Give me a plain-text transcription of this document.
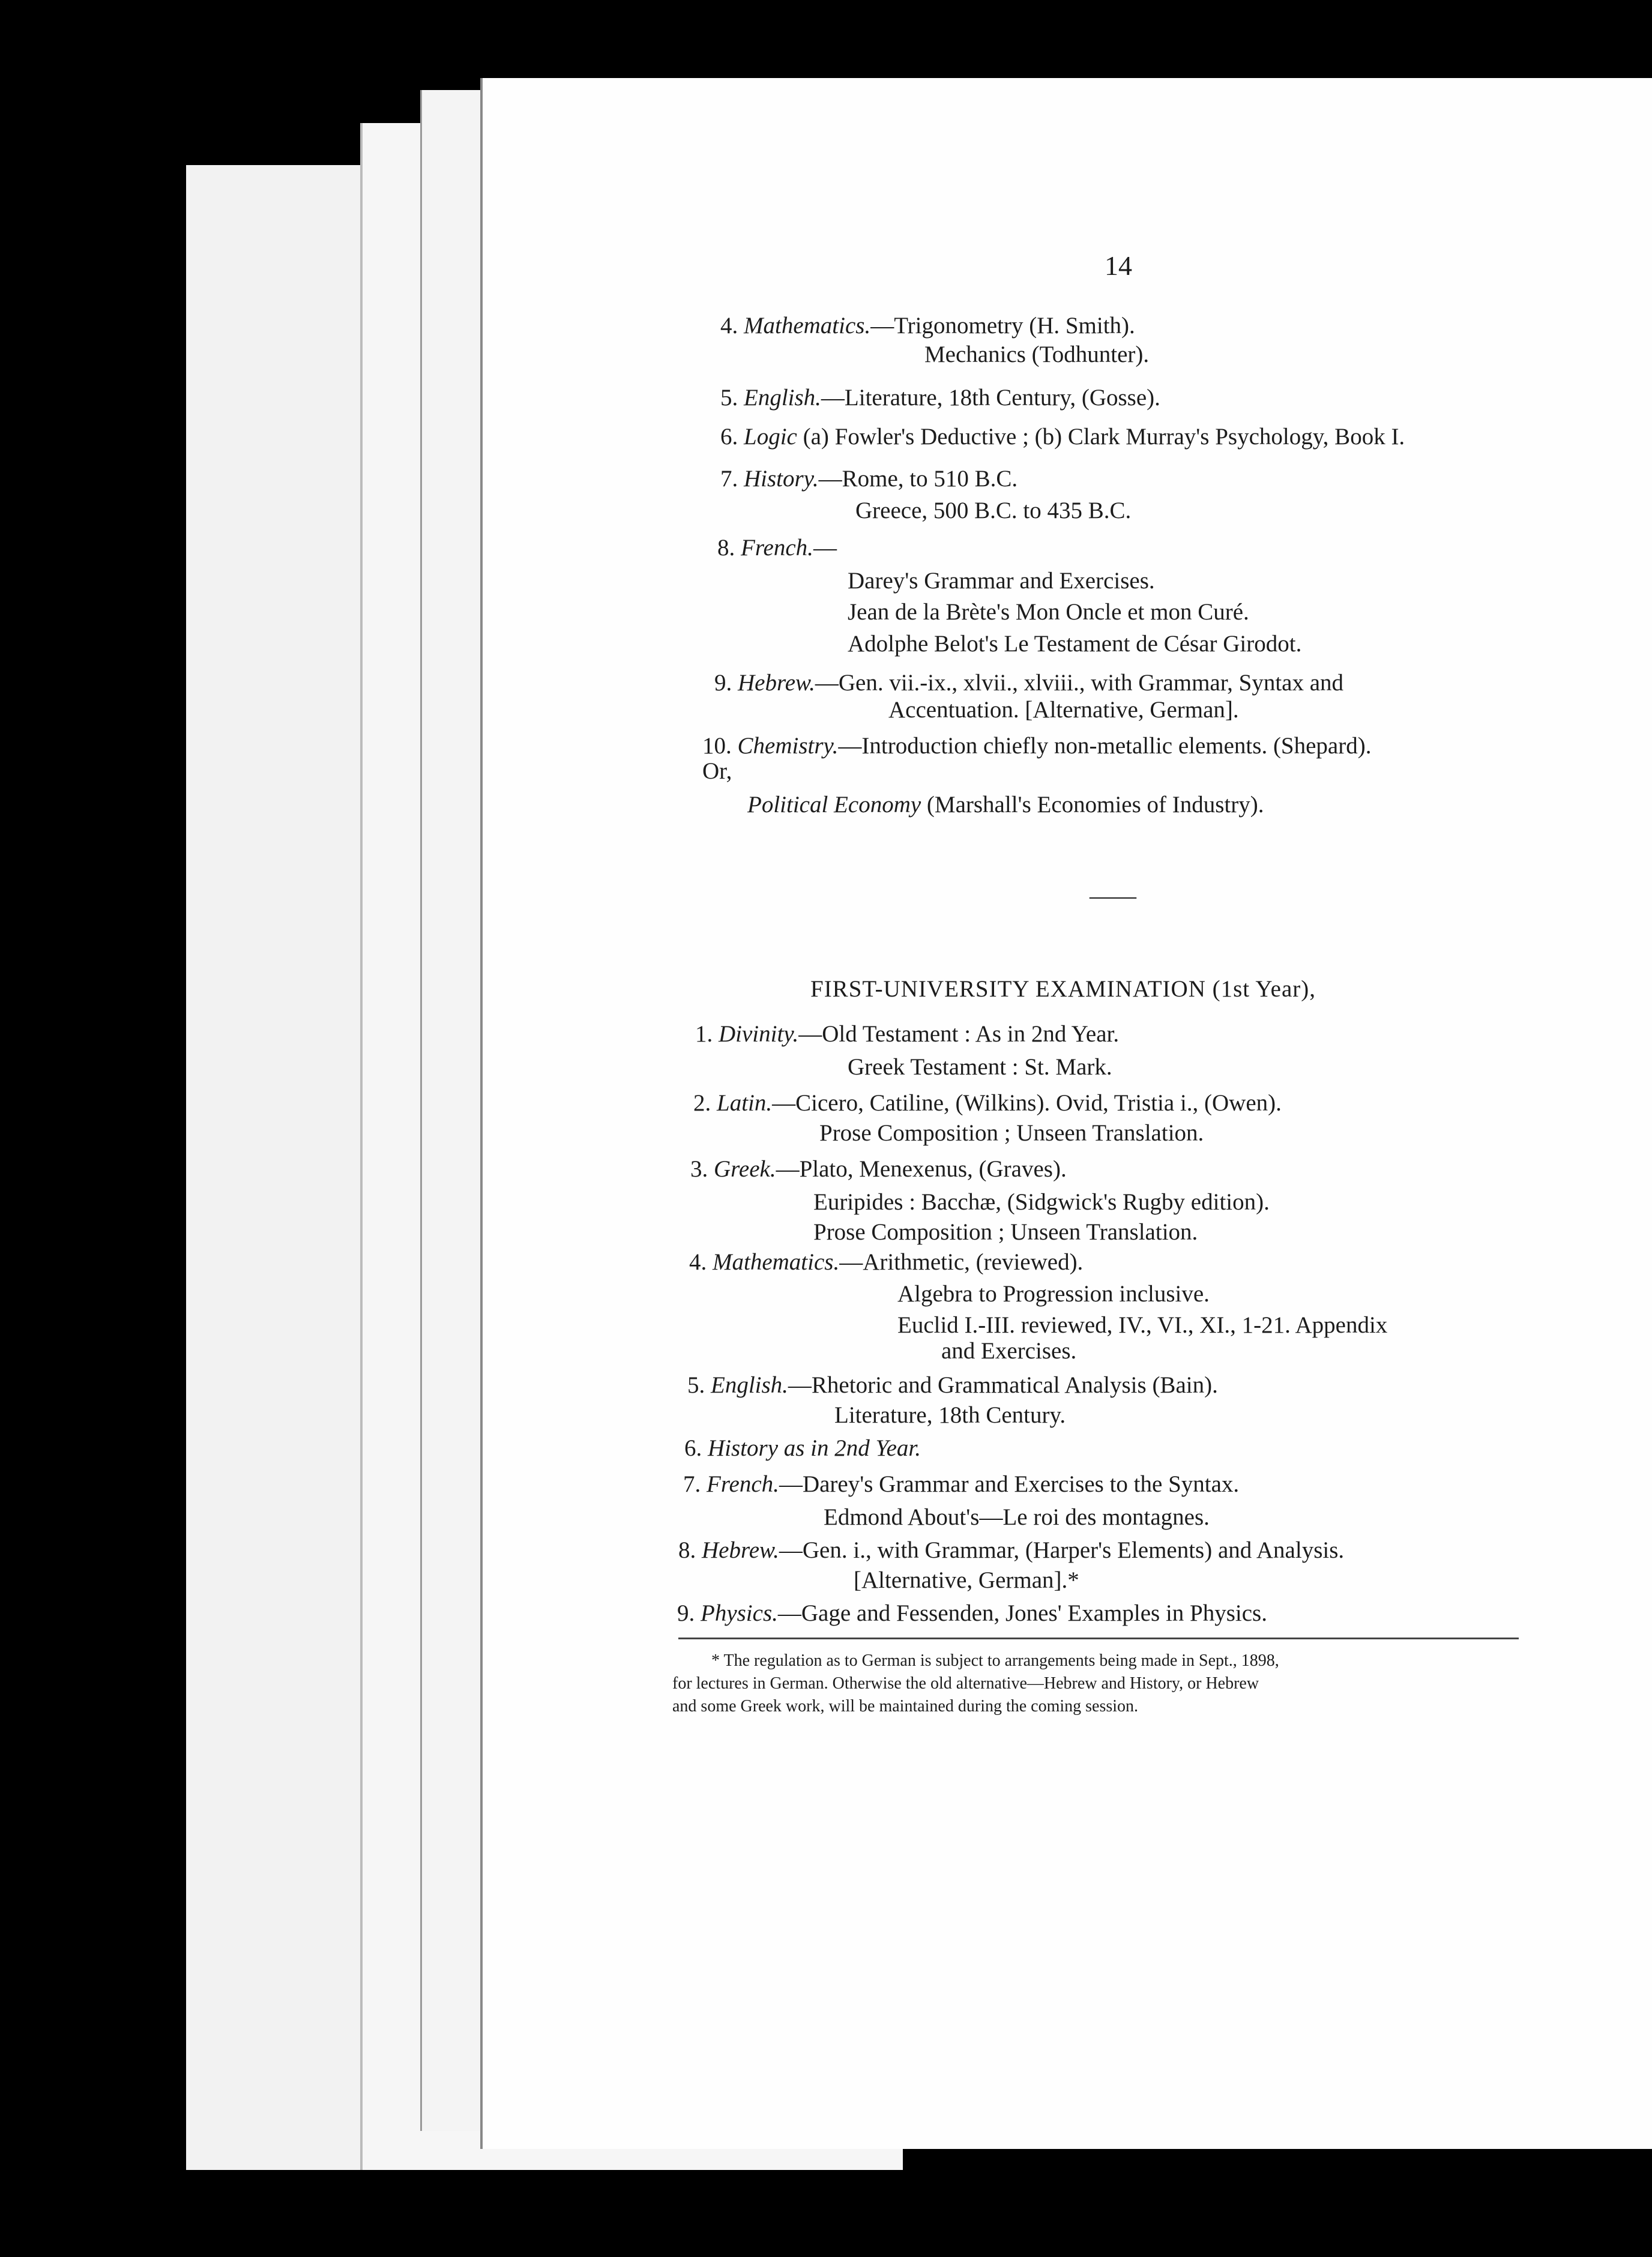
14
4. Mathematics.—Trigonometry (H. Smith).
Mechanics (Todhunter).
5. English.—Literature, 18th Century, (Gosse).
6. Logic (a) Fowler's Deductive ; (b) Clark Murray's Psychology, Book I.
7. History.—Rome, to 510 B.C.
Greece, 500 B.C. to 435 B.C.
8. French.—
Darey's Grammar and Exercises.
Jean de la Brète's Mon Oncle et mon Curé.
Adolphe Belot's Le Testament de César Girodot.
9. Hebrew.—Gen. vii.-ix., xlvii., xlviii., with Grammar, Syntax and
Accentuation. [Alternative, German].
10. Chemistry.—Introduction chiefly non-metallic elements. (Shepard).
Or,
Political Economy (Marshall's Economies of Industry).
——
FIRST-UNIVERSITY EXAMINATION (1st Year),
1. Divinity.—Old Testament : As in 2nd Year.
Greek Testament : St. Mark.
2. Latin.—Cicero, Catiline, (Wilkins). Ovid, Tristia i., (Owen).
Prose Composition ; Unseen Translation.
3. Greek.—Plato, Menexenus, (Graves).
Euripides : Bacchæ, (Sidgwick's Rugby edition).
Prose Composition ; Unseen Translation.
4. Mathematics.—Arithmetic, (reviewed).
Algebra to Progression inclusive.
Euclid I.-III. reviewed, IV., VI., XI., 1-21. Appendix
and Exercises.
5. English.—Rhetoric and Grammatical Analysis (Bain).
Literature, 18th Century.
6. History as in 2nd Year.
7. French.—Darey's Grammar and Exercises to the Syntax.
Edmond About's—Le roi des montagnes.
8. Hebrew.—Gen. i., with Grammar, (Harper's Elements) and Analysis.
[Alternative, German].*
9. Physics.—Gage and Fessenden, Jones' Examples in Physics.
* The regulation as to German is subject to arrangements being made in Sept., 1898,
for lectures in German. Otherwise the old alternative—Hebrew and History, or Hebrew
and some Greek work, will be maintained during the coming session.
